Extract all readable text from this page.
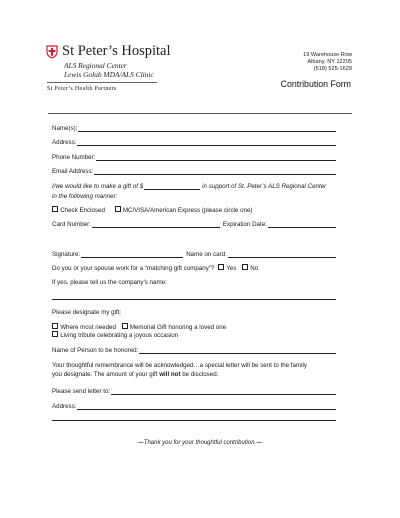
St Peter’s Hospital
ALS Regional Center
Lewis Golub MDA/ALS Clinic
St Peter’s Health Partners
19 Warehouse Row
Albany, NY 12205
(518) 525-1629
Contribution Form
Name(s):
Address:
Phone Number:
Email Address:
I/we would like to make a gift of $	in support of St. Peter’s ALS Regional Center
in the following manner:
Check Enclosed	MC/VISA/American Express (please circle one)
Card Number:	Expiration Date:
Signature:	Name on card:
Do you or your spouse work for a “matching gift company”? Yes No
If yes, please tell us the company’s name:
Please designate my gift:
Where most needed Memorial Gift honoring a loved one
Living tribute celebrating a joyous occasion
Name of Person to be honored:
Your thoughtful remembrance will be acknowledged…a special letter will be sent to the family
you designate. The amount of your gift will not be disclosed.
Please send letter to:
Address:
—Thank you for your thoughtful contribution.—
